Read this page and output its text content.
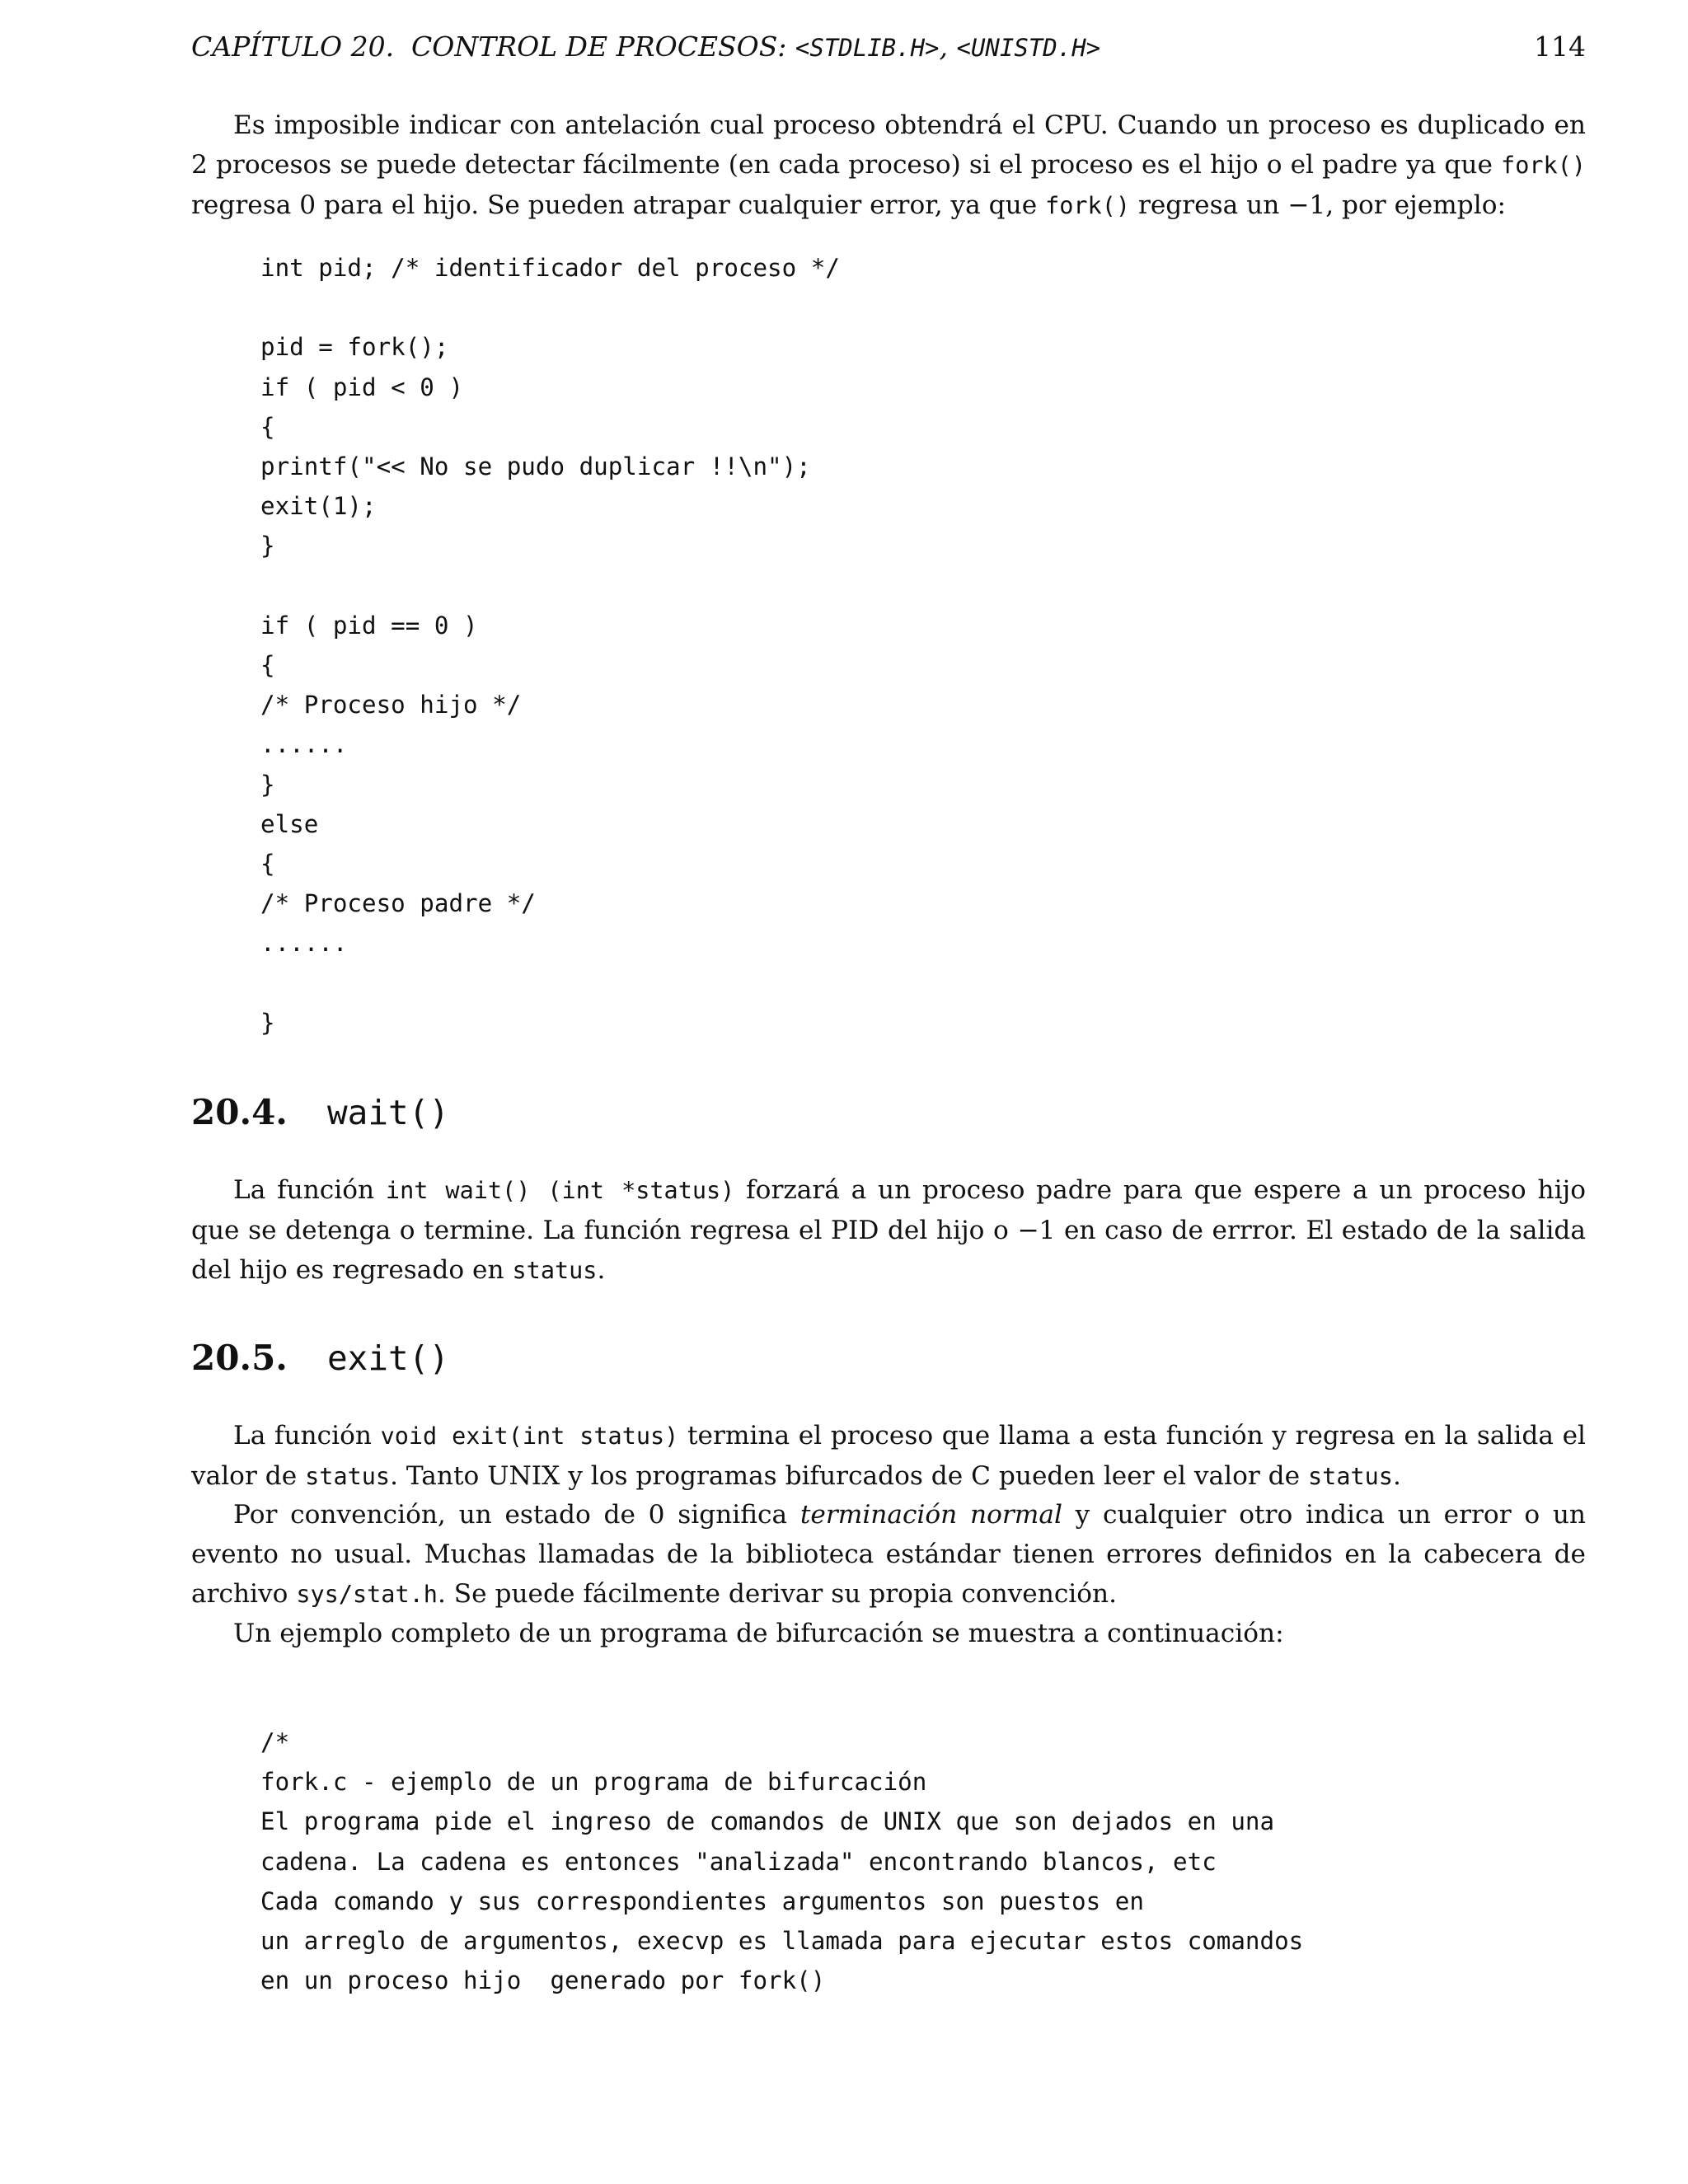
CAPÍTULO 20.  CONTROL DE PROCESOS: <STDLIB.H>, <UNISTD.H>	114

Es imposible indicar con antelación cual proceso obtendrá el CPU. Cuando un proceso es duplicado en 2 procesos se puede detectar fácilmente (en cada proceso) si el proceso es el hijo o el padre ya que fork() regresa 0 para el hijo. Se pueden atrapar cualquier error, ya que fork() regresa un −1, por ejemplo:

int pid; /* identificador del proceso */

pid = fork();
if ( pid < 0 )
{
printf("<< No se pudo duplicar !!\n");
exit(1);
}

if ( pid == 0 )
{
/* Proceso hijo */
......
}
else
{
/* Proceso padre */
......

}
20.4. wait()

La función int wait() (int *status) forzará a un proceso padre para que espere a un proceso hijo que se detenga o termine. La función regresa el PID del hijo o −1 en caso de errror. El estado de la salida del hijo es regresado en status.

20.5. exit()

La función void exit(int status) termina el proceso que llama a esta función y regresa en la salida el valor de status. Tanto UNIX y los programas bifurcados de C pueden leer el valor de status.

Por convención, un estado de 0 significa terminación normal y cualquier otro indica un error o un evento no usual. Muchas llamadas de la biblioteca estándar tienen errores definidos en la cabecera de archivo sys/stat.h. Se puede fácilmente derivar su propia convención.

Un ejemplo completo de un programa de bifurcación se muestra a continuación:

/*
fork.c - ejemplo de un programa de bifurcación
El programa pide el ingreso de comandos de UNIX que son dejados en una
cadena. La cadena es entonces "analizada" encontrando blancos, etc
Cada comando y sus correspondientes argumentos son puestos en
un arreglo de argumentos, execvp es llamada para ejecutar estos comandos
en un proceso hijo  generado por fork()
